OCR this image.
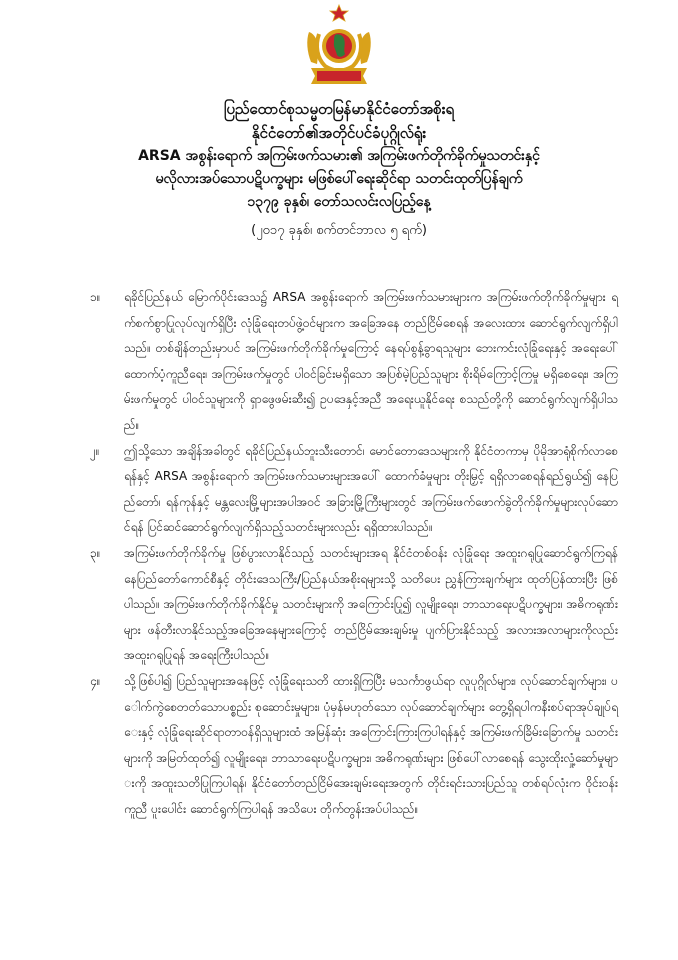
ပြည်ထောင်စုသမ္မတမြန်မာနိုင်ငံတော်အစိုးရ
နိုင်ငံတော်၏အတိုင်ပင်ခံပုဂ္ဂိုလ်ရုံး
ARSA အစွန်းရောက် အကြမ်းဖက်သမား၏ အကြမ်းဖက်တိုက်ခိုက်မှုသတင်းနှင့်
မလိုလားအပ်သောပဋိပက္ခများ မဖြစ်ပေါ်ရေးဆိုင်ရာ သတင်းထုတ်ပြန်ချက်
၁၃၇၉ ခုနှစ်၊ တော်သလင်းလပြည့်နေ့
(၂၀၁၇ ခုနှစ်၊ စက်တင်ဘာလ ၅ ရက်)
၁။	ရခိုင်ပြည်နယ် မြောက်ပိုင်းဒေသ၌ ARSA အစွန်းရောက် အကြမ်းဖက်သမားများက အကြမ်းဖက်တိုက်ခိုက်မှုများ ရက်စက်စွာပြုလုပ်လျက်ရှိပြီး လုံခြုံရေးတပ်ဖွဲ့ဝင်များက အခြေအနေ တည်ငြိမ်စေရန် အလေးထား ဆောင်ရွက်လျက်ရှိပါသည်။ တစ်ချိန်တည်းမှာပင် အကြမ်းဖက်တိုက်ခိုက်မှုကြောင့် နေရပ်စွန့်ခွာရသူများ ဘေးကင်းလုံခြုံရေးနှင့် အရေးပေါ်ထောက်ပံ့ကူညီရေး၊ အကြမ်းဖက်မှုတွင် ပါဝင်ခြင်းမရှိသော အပြစ်မဲ့ပြည်သူများ စိုးရိမ်ကြောင့်ကြမှု မရှိစေရေး၊ အကြမ်းဖက်မှုတွင် ပါဝင်သူများကို ရှာဖွေဖမ်းဆီး၍ ဥပဒေနှင့်အညီ အရေးယူနိုင်ရေး စသည်တို့ကို ဆောင်ရွက်လျက်ရှိပါသည်။
၂။	ဤသို့သော အချိန်အခါတွင် ရခိုင်ပြည်နယ်ဘူးသီးတောင်၊ မောင်တောဒေသများကို နိုင်ငံတကာမှ ပိုမိုအာရုံစိုက်လာစေရန်နှင့် ARSA အစွန်းရောက် အကြမ်းဖက်သမားများအပေါ် ထောက်ခံမှုများ တိုးမြှင့် ရရှိလာစေရန်ရည်ရွယ်၍ နေပြည်တော်၊ ရန်ကုန်နှင့် မန္တလေးမြို့များအပါအဝင် အခြားမြို့ကြီးများတွင် အကြမ်းဖက်ဖောက်ခွဲတိုက်ခိုက်မှုများလုပ်ဆောင်ရန် ပြင်ဆင်ဆောင်ရွက်လျက်ရှိသည့်သတင်းများလည်း ရရှိထားပါသည်။
၃။	အကြမ်းဖက်တိုက်ခိုက်မှု ဖြစ်ပွားလာနိုင်သည့် သတင်းများအရ နိုင်ငံတစ်ဝန်း လုံခြုံရေး အထူးဂရုပြုဆောင်ရွက်ကြရန် နေပြည်တော်ကောင်စီနှင့် တိုင်းဒေသကြီး/ပြည်နယ်အစိုးရများသို့ သတိပေး ညွှန်ကြားချက်များ ထုတ်ပြန်ထားပြီး ဖြစ်ပါသည်။ အကြမ်းဖက်တိုက်ခိုက်နိုင်မှု သတင်းများကို အကြောင်းပြု၍ လူမျိုးရေး၊ ဘာသာရေးပဋိပက္ခများ၊ အဓိကရုဏ်းများ ဖန်တီးလာနိုင်သည့်အခြေအနေများကြောင့် တည်ငြိမ်အေးချမ်းမှု ပျက်ပြားနိုင်သည့် အလားအလာများကိုလည်း အထူးဂရုပြုရန် အရေးကြီးပါသည်။
၄။	သို့ဖြစ်ပါ၍ ပြည်သူများအနေဖြင့် လုံခြုံရေးသတိ ထားရှိကြပြီး မသင်္ကာဖွယ်ရာ လူပုဂ္ဂိုလ်များ၊ လုပ်ဆောင်ချက်များ၊ ပေါက်ကွဲစေတတ်သောပစ္စည်း စုဆောင်းမှုများ၊ ပုံမှန်မဟုတ်သော လုပ်ဆောင်ချက်များ တွေ့ရှိရပါကနီးစပ်ရာအုပ်ချုပ်ရေးနှင့် လုံခြုံရေးဆိုင်ရာတာဝန်ရှိသူများထံ အမြန်ဆုံး အကြောင်းကြားကြပါရန်နှင့် အကြမ်းဖက်ခြိမ်းခြောက်မှု သတင်းများကို အမြတ်ထုတ်၍ လူမျိုးရေး၊ ဘာသာရေးပဋိပက္ခများ၊ အဓိကရုဏ်းများ ဖြစ်ပေါ်လာစေရန် သွေးထိုးလှုံ့ဆော်မှုများကို အထူးသတိပြုကြပါရန်၊ နိုင်ငံတော်တည်ငြိမ်အေးချမ်းရေးအတွက် တိုင်းရင်းသားပြည်သူ တစ်ရပ်လုံးက ဝိုင်းဝန်းကူညီ ပူးပေါင်း ဆောင်ရွက်ကြပါရန် အသိပေး တိုက်တွန်းအပ်ပါသည်။
